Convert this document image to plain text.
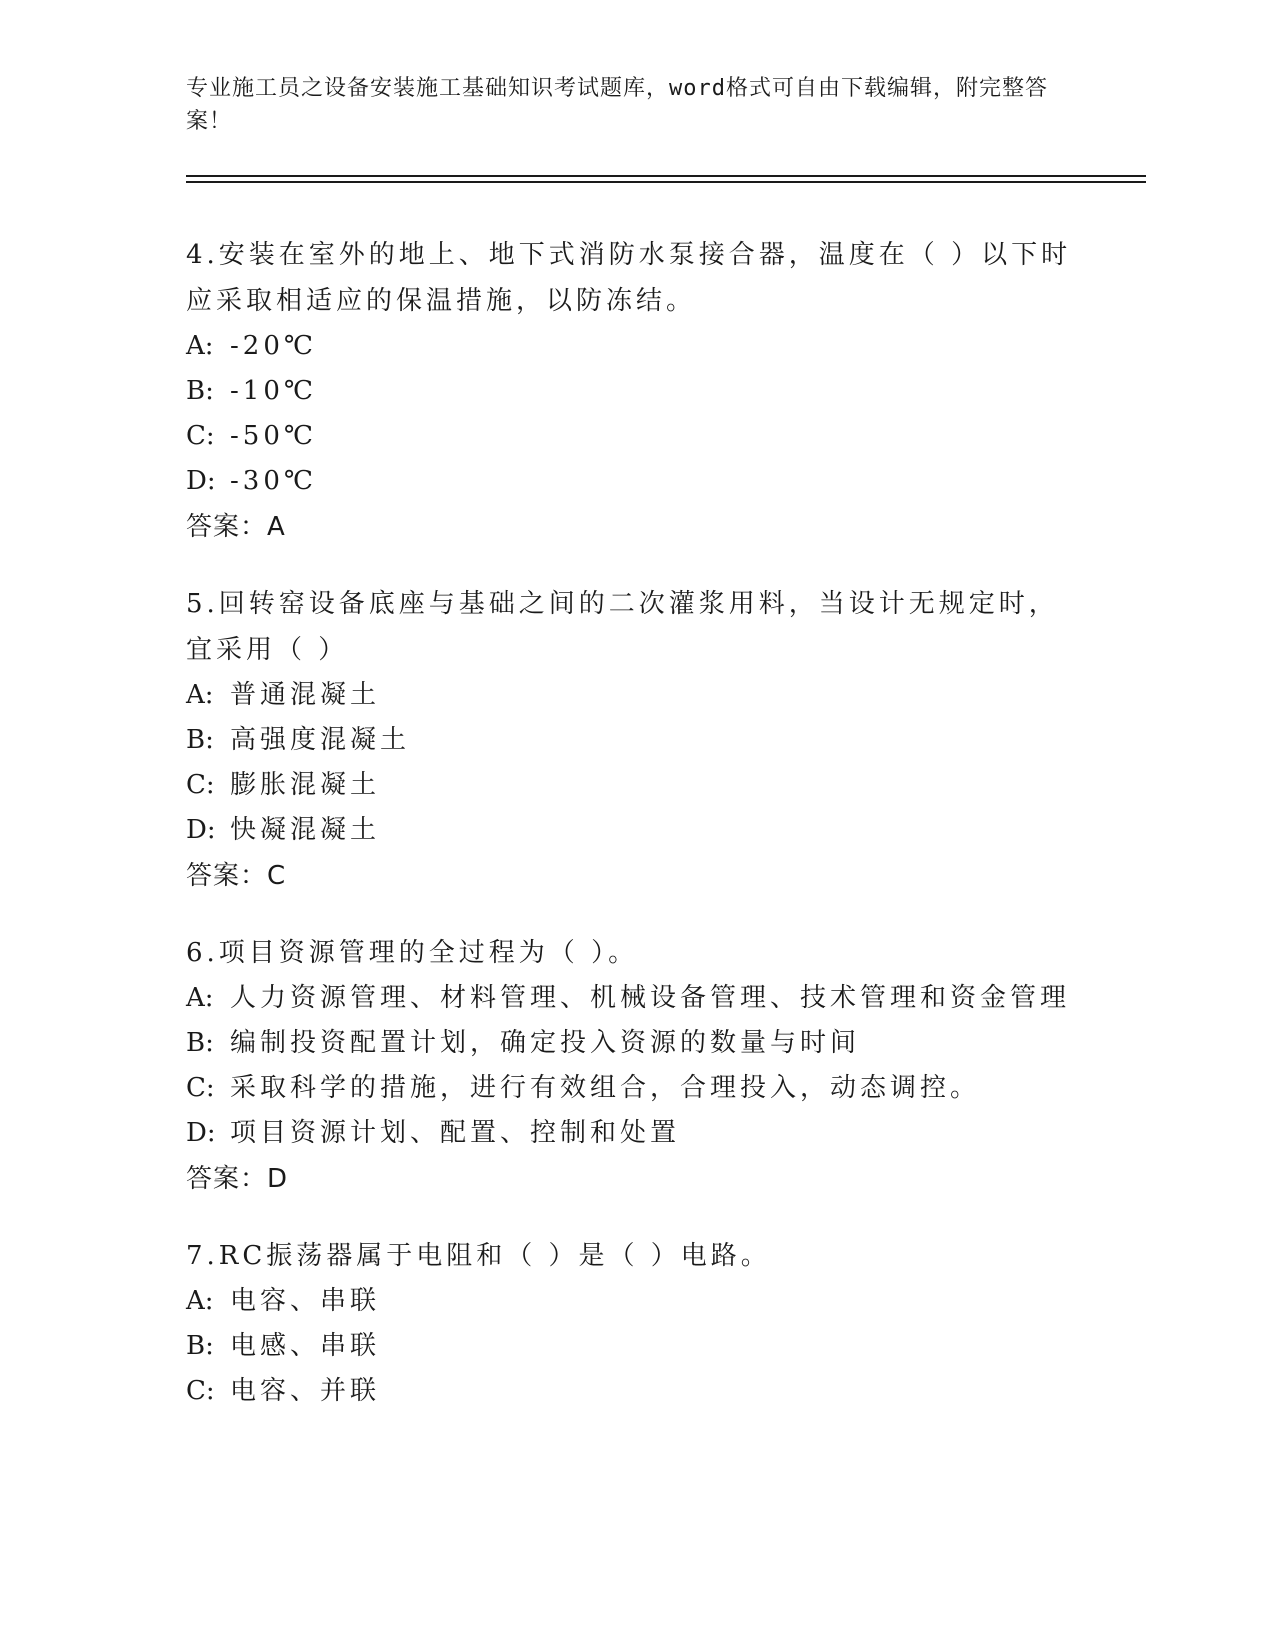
专业施工员之设备安装施工基础知识考试题库，word格式可自由下载编辑，附完整答案！

4.安装在室外的地上、地下式消防水泵接合器，温度在（ ）以下时应采取相适应的保温措施，以防冻结。

A: -20℃

B: -10℃

C: -50℃

D: -30℃

答案：A

5.回转窑设备底座与基础之间的二次灌浆用料，当设计无规定时，宜采用（ ）

A: 普通混凝土

B: 高强度混凝土

C: 膨胀混凝土

D: 快凝混凝土

答案：C

6.项目资源管理的全过程为（ ）。

A: 人力资源管理、材料管理、机械设备管理、技术管理和资金管理

B: 编制投资配置计划，确定投入资源的数量与时间

C: 采取科学的措施，进行有效组合，合理投入，动态调控。

D: 项目资源计划、配置、控制和处置

答案：D

7.RC振荡器属于电阻和（ ）是（ ）电路。

A: 电容、串联

B: 电感、串联

C: 电容、并联
